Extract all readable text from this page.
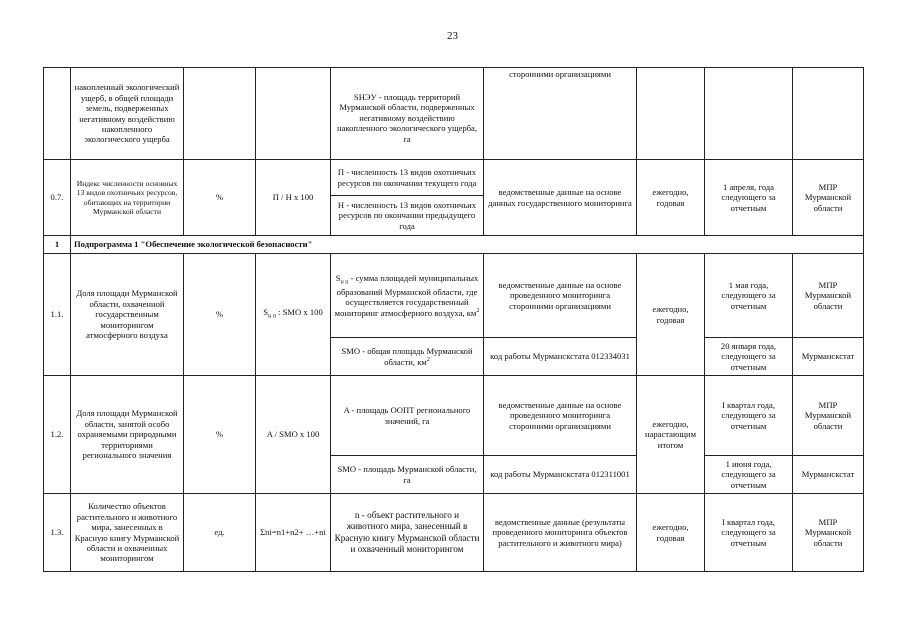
23
	накопленный экологический ущерб, в общей площади земель, подверженных негативному воздействию накопленного экологического ущерба			SНЭУ - площадь территорий Мурманской области, подверженных негативному воздействию накопленного экологического ущерба, га	сторонними организациями			
0.7.	Индекс численности основных 13 видов охотничьих ресурсов, обитающих на территории Мурманской области	%	П / Н х 100	П - численность 13 видов охотничьих ресурсов по окончании текущего года	ведомственные данные на основе данных государственного мониторинга	ежегодно, годовая	1 апреля, года следующего за отчетным	МПР Мурманской области
				Н - численность 13 видов охотничьих ресурсов по окончании предыдущего года				
1	Подпрограмма 1 "Обеспечение экологической безопасности"							
1.1.	Доля площади Мурманской области, охваченной государственным мониторингом атмосферного воздуха	%	$S_{н п}$ : SMO x 100	$S_{н п}$ - сумма площадей муниципальных образований Мурманской области, где осуществляется государственный мониторинг атмосферного воздуха, $км^2$	ведомственные данные на основе проведенного мониторинга сторонними организациями	ежегодно, годовая	1 мая года, следующего за отчетным	МПР Мурманской области
				SMO - общая площадь Мурманской области, $км^2$	код работы Мурманскстата 012334031		20 января года, следующего за отчетным	Мурманскстат
1.2.	Доля площади Мурманской области, занятой особо охраняемыми природными территориями регионального значения	%	A / SMO x 100	A - площадь ООПТ регионального значений, га	ведомственные данные на основе проведенного мониторинга сторонними организациями	ежегодно, нарастающим итогом	I квартал года, следующего за отчетным	МПР Мурманской области
				SMO - площадь Мурманской области, га	код работы Мурманскстата 012311001		1 июня года, следующего за отчетным	Мурманскстат
1.3.	Количество объектов растительного и животного мира, занесенных в Красную книгу Мурманской области и охваченных мониторингом	ед.	Σni=n1+n2+ …+ni	n - объект растительного и животного мира, занесенный в Красную книгу Мурманской области и охваченный мониторингом	ведомственные данные (результаты проведенного мониторинга объектов растительного и животного мира)	ежегодно, годовая	I квартал года, следующего за отчетным	МПР Мурманской области
